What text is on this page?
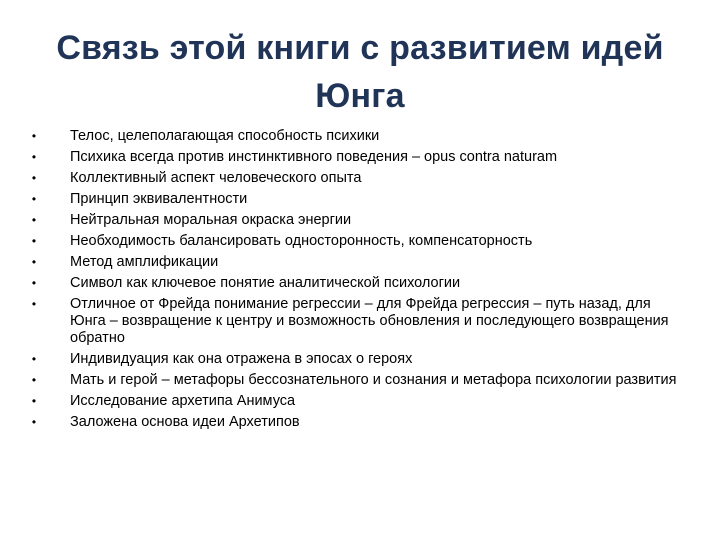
Связь этой книги с развитием идей
Юнга
• Телос, целеполагающая способность психики
• Психика всегда против инстинктивного поведения – opus contra naturam
• Коллективный аспект человеческого опыта
• Принцип эквивалентности
• Нейтральная моральная окраска энергии
• Необходимость балансировать односторонность, компенсаторность
• Метод амплификации
• Символ как ключевое понятие аналитической психологии
• Отличное от Фрейда понимание регрессии – для Фрейда регрессия – путь назад, для Юнга – возвращение к центру и возможность обновления и последующего возвращения обратно
• Индивидуация как она отражена в эпосах о героях
• Мать и герой – метафоры бессознательного и сознания и метафора психологии развития
• Исследование архетипа Анимуса
• Заложена основа идеи Архетипов
